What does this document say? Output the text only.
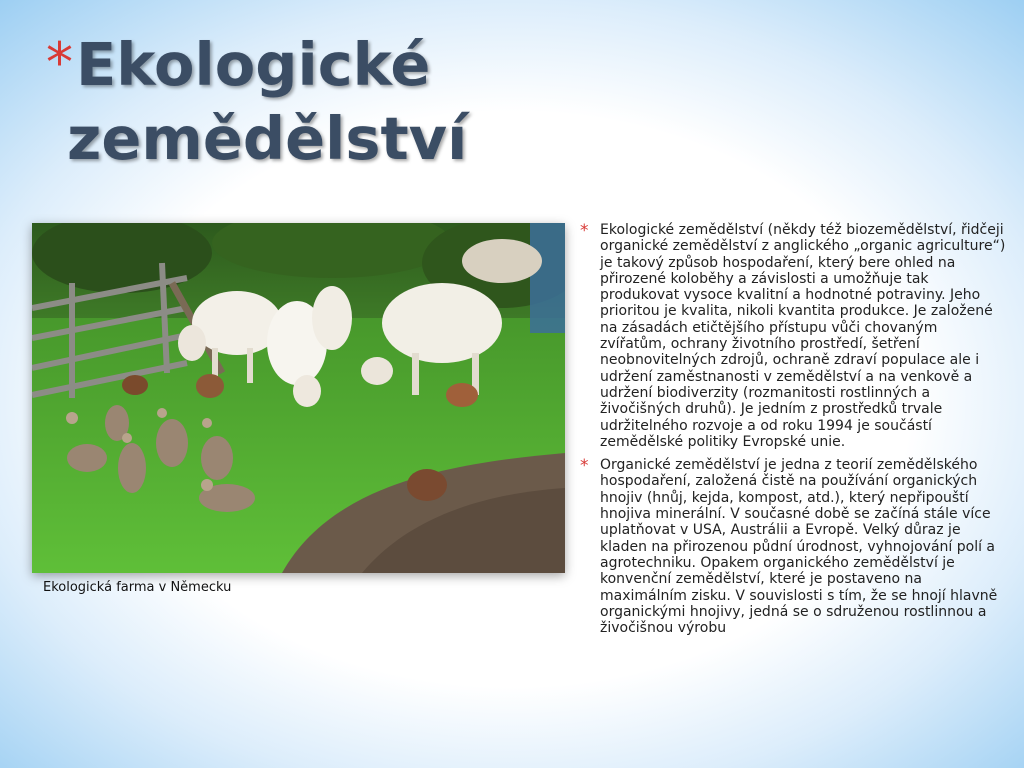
*Ekologické
zemědělství
Ekologická farma v Německu
* Ekologické zemědělství (někdy též biozemědělství, řidčeji organické zemědělství z anglického „organic agriculture“) je takový způsob hospodaření, který bere ohled na přirozené koloběhy a závislosti a umožňuje tak produkovat vysoce kvalitní a hodnotné potraviny. Jeho prioritou je kvalita, nikoli kvantita produkce. Je založené na zásadách etičtějšího přístupu vůči chovaným zvířatům, ochrany životního prostředí, šetření neobnovitelných zdrojů, ochraně zdraví populace ale i udržení zaměstnanosti v zemědělství a na venkově a udržení biodiverzity (rozmanitosti rostlinných a živočišných druhů). Je jedním z prostředků trvale udržitelného rozvoje a od roku 1994 je součástí zemědělské politiky Evropské unie.
* Organické zemědělství je jedna z teorií zemědělského hospodaření, založená čistě na používání organických hnojiv (hnůj, kejda, kompost, atd.), který nepřipouští hnojiva minerální. V současné době se začíná stále více uplatňovat v USA, Austrálii a Evropě. Velký důraz je kladen na přirozenou půdní úrodnost, vyhnojování polí a agrotechniku. Opakem organického zemědělství je konvenční zemědělství, které je postaveno na maximálním zisku. V souvislosti s tím, že se hnojí hlavně organickými hnojivy, jedná se o sdruženou rostlinnou a živočišnou výrobu
